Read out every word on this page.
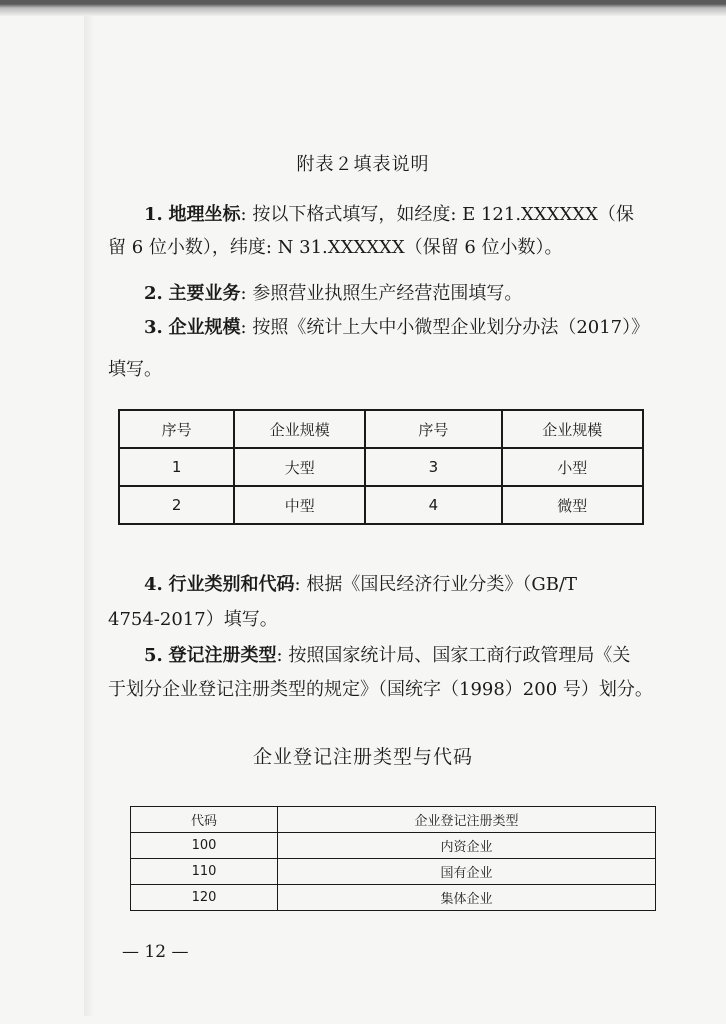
附表２填表说明
1. 地理坐标: 按以下格式填写，如经度: E 121.XXXXXX（保
留 6 位小数），纬度: N 31.XXXXXX（保留 6 位小数）。
2. 主要业务: 参照营业执照生产经营范围填写。
3. 企业规模: 按照《统计上大中小微型企业划分办法（2017）》
填写。
序号	企业规模	序号	企业规模
1	大型	3	小型
2	中型	4	微型
4. 行业类别和代码: 根据《国民经济行业分类》（GB/T
4754-2017）填写。
5. 登记注册类型: 按照国家统计局、国家工商行政管理局《关
于划分企业登记注册类型的规定》（国统字（1998）200 号）划分。
企业登记注册类型与代码
代码	企业登记注册类型
100	内资企业
110	国有企业
120	集体企业
— 12 —
